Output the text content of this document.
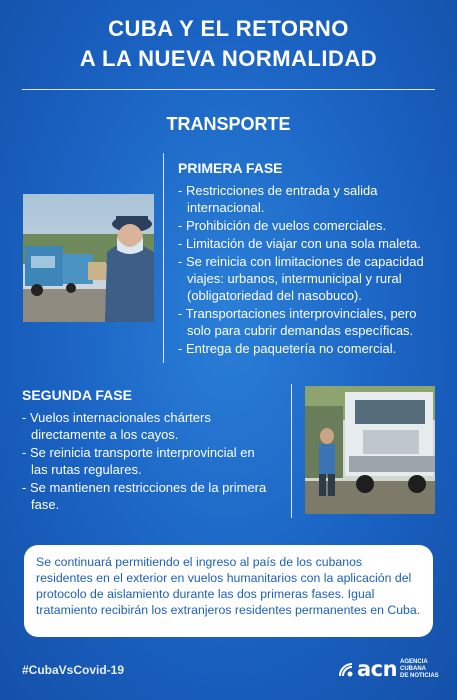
CUBA Y EL RETORNO
A LA NUEVA NORMALIDAD
TRANSPORTE
PRIMERA FASE
- Restricciones de entrada y salida internacional.
- Prohibición de vuelos comerciales.
- Limitación de viajar con una sola maleta.
- Se reinicia con limitaciones de capacidad viajes: urbanos, intermunicipal y rural (obligatoriedad del nasobuco).
- Transportaciones interprovinciales, pero solo para cubrir demandas específicas.
- Entrega de paquetería no comercial.
SEGUNDA FASE
- Vuelos internacionales chárters directamente a los cayos.
- Se reinicia transporte interprovincial en las rutas regulares.
- Se mantienen restricciones de la primera fase.
Se continuará permitiendo el ingreso al país de los cubanos residentes en el exterior en vuelos humanitarios con la aplicación del protocolo de aislamiento durante las dos primeras fases. Igual tratamiento recibirán los extranjeros residentes permanentes en Cuba.
#CubaVsCovid-19	acn AGENCIA
CUBANA
DE NOTICIAS
